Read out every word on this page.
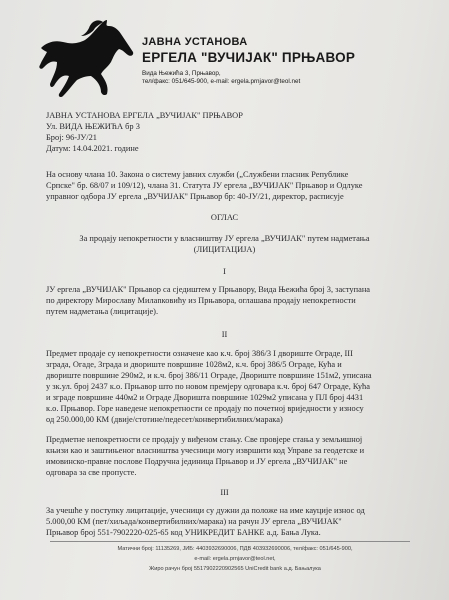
ЈАВНА УСТАНОВА
ЕРГЕЛА "ВУЧИЈАК" ПРЊАВОР
Вида Њежића 3, Прњавор,
тел/факс: 051/645-900, e-mail: ergela.prnjavor@teol.net
ЈАВНА УСТАНОВА ЕРГЕЛА „ВУЧИЈАК" ПРЊАВОР
Ул. ВИДА ЊЕЖИЋА бр 3
Број: 96-ЈУ/21
Датум: 14.04.2021. године
На основу члана 10. Закона о систему јавних служби („Службени гласник Републике
Српске" бр. 68/07 и 109/12), члана 31. Статута ЈУ ергела „ВУЧИЈАК" Прњавор и Одлуке
управног одбора ЈУ ергела „ВУЧИЈАК" Прњавор бр: 40-ЈУ/21, директор, расписује
ОГЛАС
За продају непокретности у власништву ЈУ ергела „ВУЧИЈАК" путем надметања
(ЛИЦИТАЦИЈА)
I
ЈУ ергела „ВУЧИЈАК" Прњавор са сједиштем у Прњавору, Вида Њежића број 3, заступана
по директору Мирославу Милanковићу из Прњавора, оглашава продају непокретности
путем надметања (лицитације).
II
Предмет продаје су непокретности означене као к.ч. број 386/3 I двориште Ограде, III
зграда, Огаде, Зграда и двориште површине 1028м2, к.ч. број 386/5 Ограде, Кућа и
двориште површине 290м2, и к.ч. број 386/11 Ограде, Двориште површине 151м2, уписана
у зк.ул. број 2437 к.о. Прњавор што по новом премјеру одговара к.ч. број 647 Ограде, Кућа
и зграде површине 440м2 и Ограде Двориштa површине 1029м2 уписана у ПЛ број 4431
к.о. Прњавор. Горе наведене непокретности се продају по почетној вриједности у износу
од 250.000,00 КМ (двије/стотине/педесет/конвертибилних/марака)
Предметне непокретности се продају у виђеном стању. Све провјере стања у земљишној
књизи као и заштињеног власништва учесници могу извршити код Управе за геодетске и
имовинско-правне послове Подручна јединица Прњавор и ЈУ ергела „ВУЧИЈАК" не
одговара за све пропусте.
III
За учешће у поступку лицитације, учесници су дужни да положе на име кауције износ од
5.000,00 КМ (пет/хиљада/конвертибилних/марака) на рачун ЈУ ергела „ВУЧИЈАК"
Прњавор број 551-7902220-025-65 код УНИКРЕДИТ БАНКЕ а.д. Бања Лука.
Матични број: 11135269, ЈИБ: 4403932690006, ПДВ 403932690006, тел/факс: 051/645-900,
e-mail: ergela.prnjavor@teol.net,
Жиро рачун број 5517902220902565 UniCredit bank а.д. Бањалука
